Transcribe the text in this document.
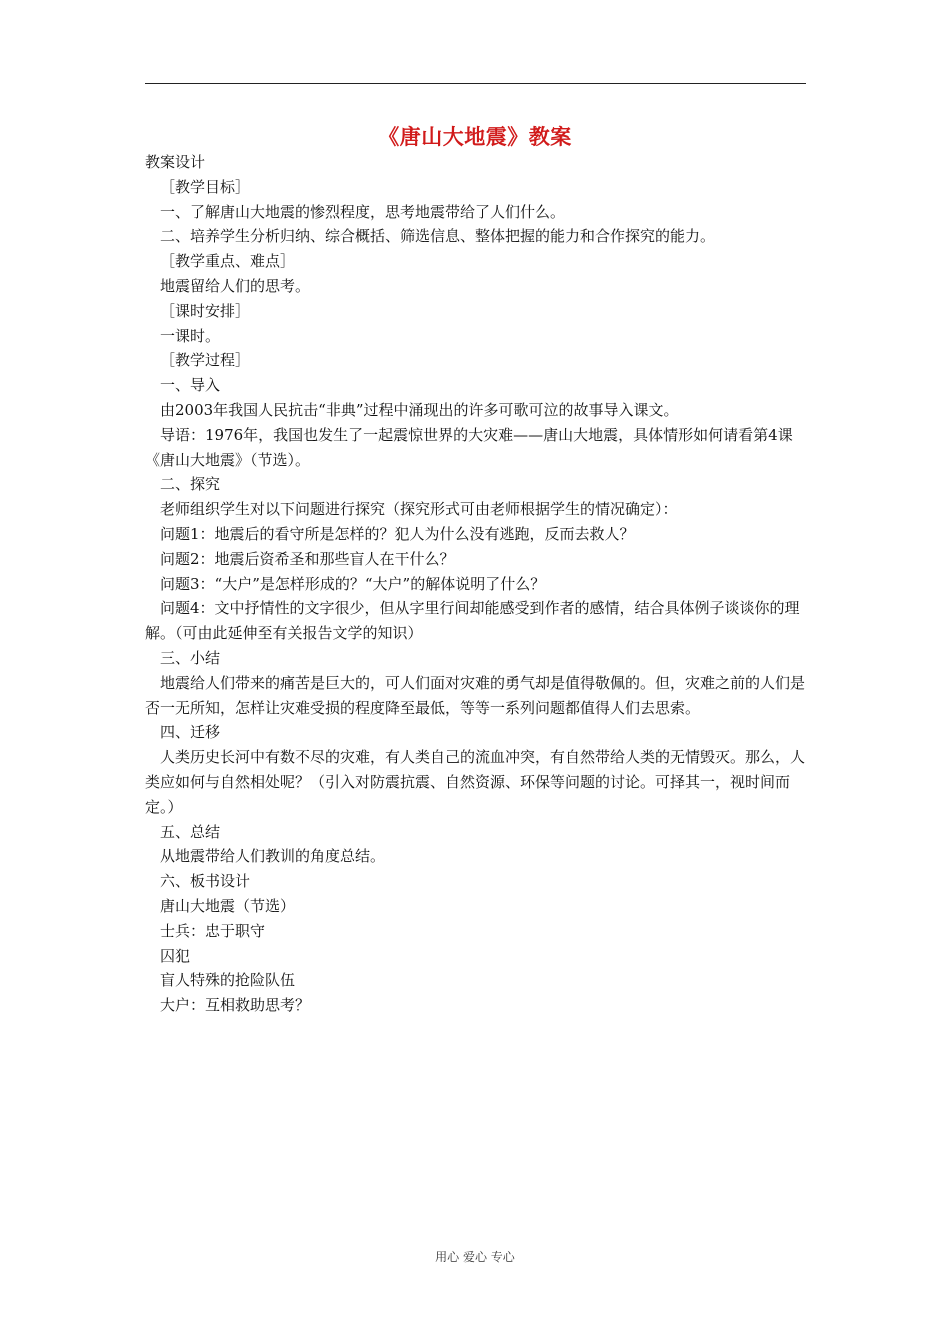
《唐山大地震》教案

教案设计

［教学目标］

一、了解唐山大地震的惨烈程度，思考地震带给了人们什么。

二、培养学生分析归纳、综合概括、筛选信息、整体把握的能力和合作探究的能力。

［教学重点、难点］

地震留给人们的思考。

［课时安排］

一课时。

［教学过程］

一、导入

由2003年我国人民抗击“非典”过程中涌现出的许多可歌可泣的故事导入课文。

导语：1976年，我国也发生了一起震惊世界的大灾难——唐山大地震，具体情形如何请看第4课《唐山大地震》（节选）。

二、探究

老师组织学生对以下问题进行探究（探究形式可由老师根据学生的情况确定）：

问题1：地震后的看守所是怎样的？犯人为什么没有逃跑，反而去救人？

问题2：地震后资希圣和那些盲人在干什么？

问题3：“大户”是怎样形成的？“大户”的解体说明了什么？

问题4：文中抒情性的文字很少，但从字里行间却能感受到作者的感情，结合具体例子谈谈你的理解。（可由此延伸至有关报告文学的知识）

三、小结

地震给人们带来的痛苦是巨大的，可人们面对灾难的勇气却是值得敬佩的。但，灾难之前的人们是否一无所知，怎样让灾难受损的程度降至最低，等等一系列问题都值得人们去思索。

四、迁移

人类历史长河中有数不尽的灾难，有人类自己的流血冲突，有自然带给人类的无情毁灭。那么，人类应如何与自然相处呢？（引入对防震抗震、自然资源、环保等问题的讨论。可择其一，视时间而定。）

五、总结

从地震带给人们教训的角度总结。

六、板书设计

唐山大地震（节选）

士兵：忠于职守

囚犯

盲人特殊的抢险队伍

大户：互相救助思考？

用心 爱心 专心
